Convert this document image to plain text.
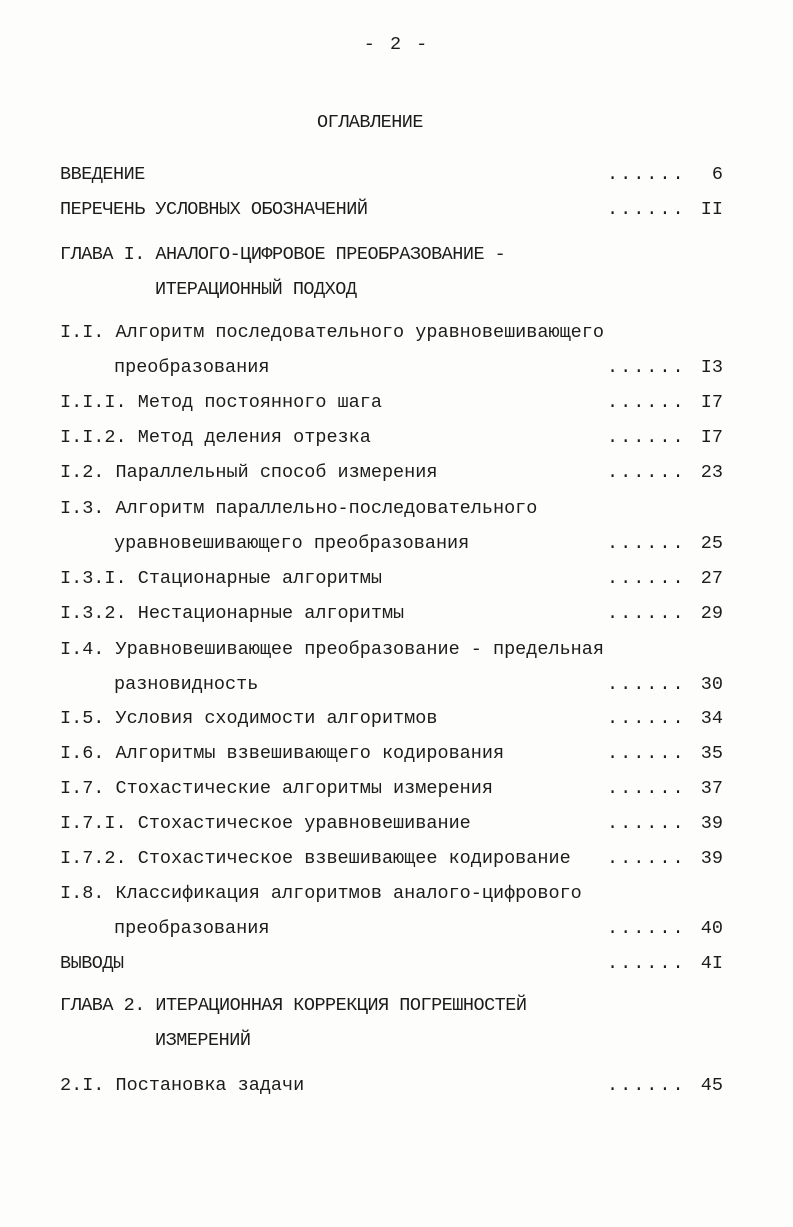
- 2 -
ОГЛАВЛЕНИЕ
ВВЕДЕНИЕ	...... 6
ПЕРЕЧЕНЬ УСЛОВНЫХ ОБОЗНАЧЕНИЙ	...... II
ГЛАВА I. АНАЛОГО-ЦИФРОВОЕ ПРЕОБРАЗОВАНИЕ -
ИТЕРАЦИОННЫЙ ПОДХОД
I.I. Алгоритм последовательного уравновешивающего
преобразования	...... I3
I.I.I. Метод постоянного шага	...... I7
I.I.2. Метод деления отрезка	...... I7
I.2. Параллельный способ измерения	...... 23
I.3. Алгоритм параллельно-последовательного
уравновешивающего преобразования	...... 25
I.3.I. Стационарные алгоритмы	...... 27
I.3.2. Нестационарные алгоритмы	...... 29
I.4. Уравновешивающее преобразование - предельная
разновидность	...... 30
I.5. Условия сходимости алгоритмов	...... 34
I.6. Алгоритмы взвешивающего кодирования	...... 35
I.7. Стохастические алгоритмы измерения	...... 37
I.7.I. Стохастическое уравновешивание	...... 39
I.7.2. Стохастическое взвешивающее кодирование ...... 39
I.8. Классификация алгоритмов аналого-цифрового
преобразования	...... 40
ВЫВОДЫ	...... 4I
ГЛАВА 2. ИТЕРАЦИОННАЯ КОРРЕКЦИЯ ПОГРЕШНОСТЕЙ
ИЗМЕРЕНИЙ
2.I. Постановка задачи	...... 45
